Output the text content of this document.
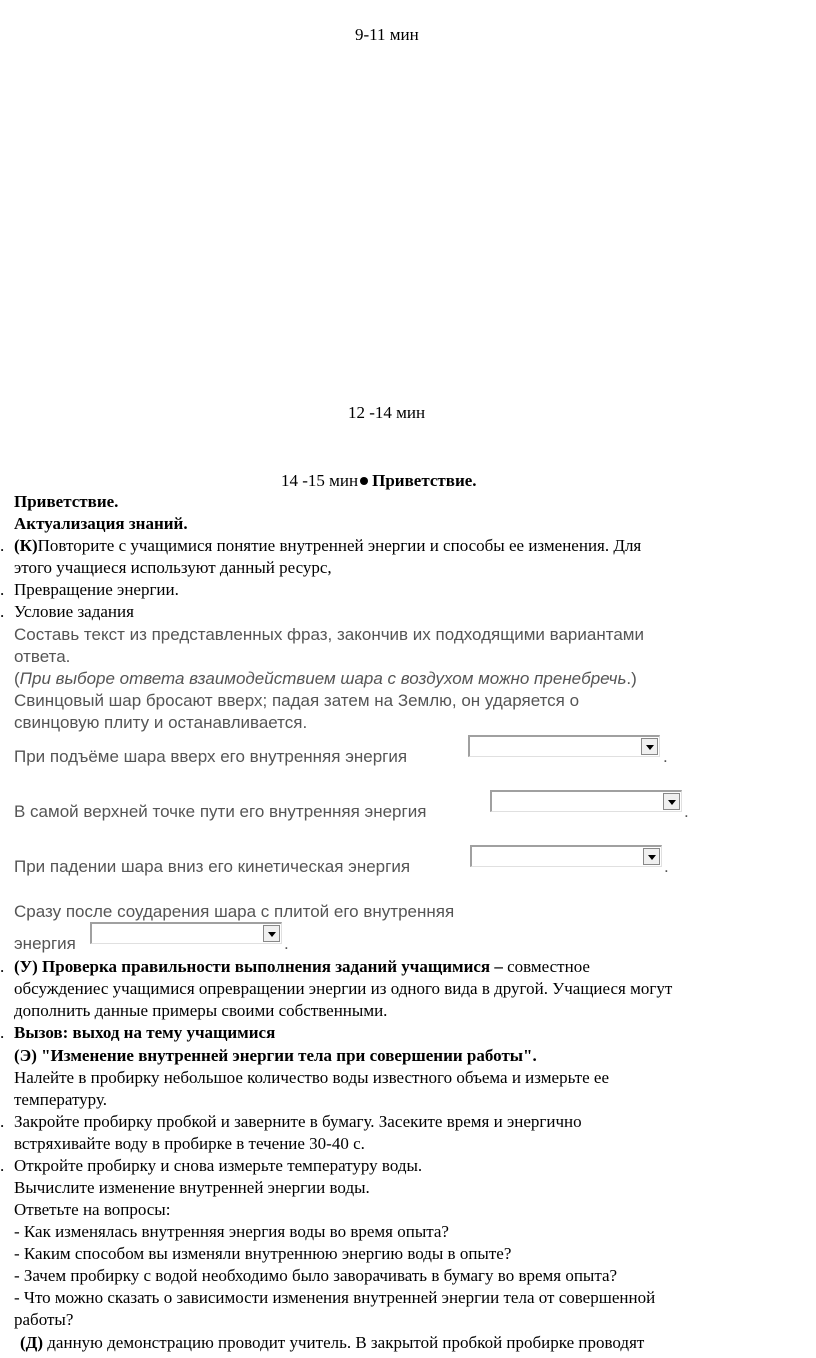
9-11 мин
12 -14 мин
14 -15 мин Приветствие.
Приветствие.
Актуализация знаний.
. (К)Повторите с учащимися понятие внутренней энергии и способы ее изменения. Для
этого учащиеся используют данный ресурс,
. Превращение энергии.
. Условие задания
Составь текст из представленных фраз, закончив их подходящими вариантами
ответа.
(При выборе ответа взаимодействием шара с воздухом можно пренебречь.)
Свинцовый шар бросают вверх; падая затем на Землю, он ударяется о
свинцовую плиту и останавливается.
При подъёме шара вверх его внутренняя энергия	.
В самой верхней точке пути его внутренняя энергия	.
При падении шара вниз его кинетическая энергия	.
Сразу после соударения шара с плитой его внутренняя
энергия	.
. (У) Проверка правильности выполнения заданий учащимися – совместное
обсуждениес учащимися опревращении энергии из одного вида в другой. Учащиеся могут
дополнить данные примеры своими собственными.
. Вызов: выход на тему учащимися
(Э) "Изменение внутренней энергии тела при совершении работы".
Налейте в пробирку небольшое количество воды известного объема и измерьте ее
температуру.
. Закройте пробирку пробкой и заверните в бумагу. Засеките время и энергично
встряхивайте воду в пробирке в течение 30-40 с.
. Откройте пробирку и снова измерьте температуру воды.
Вычислите изменение внутренней энергии воды.
Ответьте на вопросы:
- Как изменялась внутренняя энергия воды во время опыта?
- Каким способом вы изменяли внутреннюю энергию воды в опыте?
- Зачем пробирку с водой необходимо было заворачивать в бумагу во время опыта?
- Что можно сказать о зависимости изменения внутренней энергии тела от совершенной
работы?
(Д) данную демонстрацию проводит учитель. В закрытой пробкой пробирке проводят
